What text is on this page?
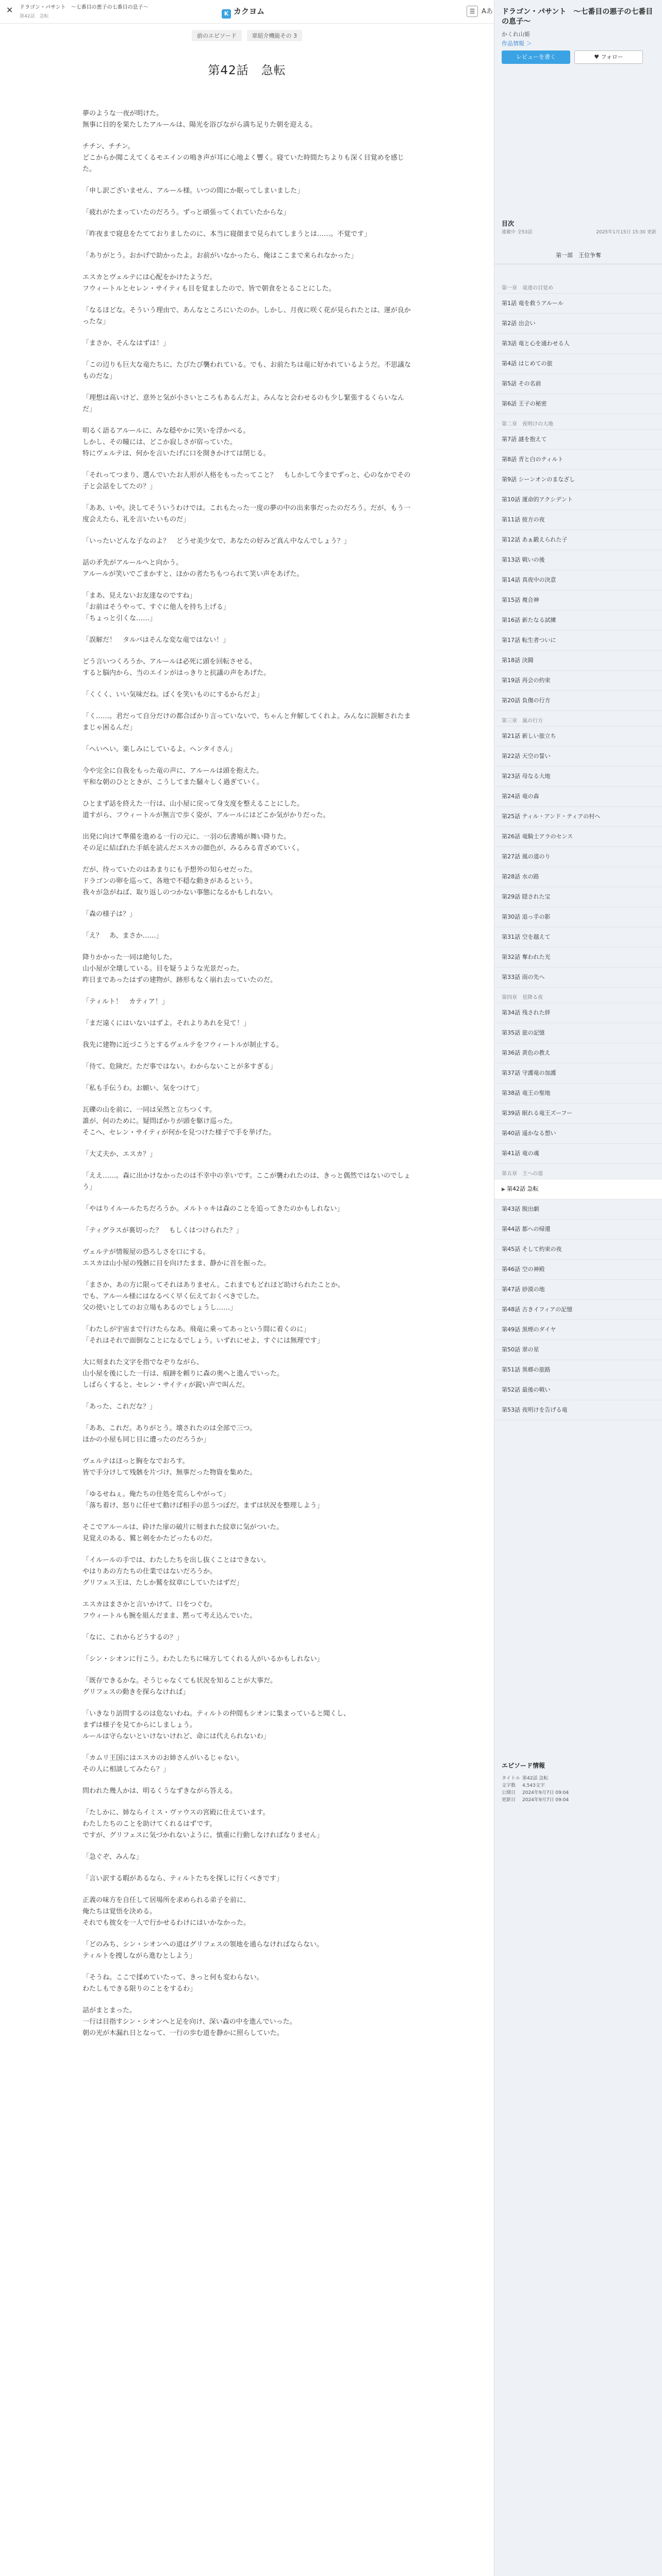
✕ ドラゴン・パサント　～七番目の悪子の七番目の息子～
第42話　急転	K カクヨム	☰ Aあ
前のエピソード	章紹介機能その 3
第42話　急転
夢のような一夜が明けた。
無事に目的を果たしたアルールは、陽光を浴びながら満ち足りた朝を迎える。
チチン、チチン。
どこからか聞こえてくるモエインの鳴き声が耳に心地よく響く。寝ていた時間たちよりも深く目覚めを感じた。
「申し訳ございません、アルール様。いつの間にか眠ってしまいました」
「疲れがたまっていたのだろう。ずっと頑張ってくれていたからな」
「昨夜まで寝息をたてておりましたのに、本当に寝顔まで見られてしまうとは……。不覚です」
「ありがとう。おかげで助かったよ。お前がいなかったら、俺はここまで来られなかった」
エスカとヴェルテには心配をかけたようだ。
フウィートルとセレン・サイティも目を覚ましたので、皆で朝食をとることにした。
「なるほどな。そういう理由で、あんなところにいたのか。しかし、月夜に咲く花が見られたとは、運が良かったな」
「まさか、そんなはずは！」
「この辺りも巨大な竜たちに、たびたび襲われている。でも、お前たちは竜に好かれているようだ。不思議なものだな」
「理想は高いけど、意外と気が小さいところもあるんだよ。みんなと会わせるのも少し緊張するくらいなんだ」
明るく語るアルールに、みな穏やかに笑いを浮かべる。
しかし、その瞳には、どこか寂しさが宿っていた。
特にヴェルテは、何かを言いたげに口を開きかけては閉じる。
「それってつまり、選んでいたお人形が人格をもったってこと？　もしかして今までずっと、心のなかでその子と会話をしてたの？」
「ああ、いや。決してそういうわけでは。これもたった一度の夢の中の出来事だったのだろう。だが、もう一度会えたら、礼を言いたいものだ」
「いったいどんな子なのよ？　どうせ美少女で、あなたの好みど真ん中なんでしょう？」
話の矛先がアルールへと向かう。
アルールが笑いでごまかすと、ほかの者たちもつられて笑い声をあげた。
「まあ、見えないお友達なのですね」
「お前はそうやって、すぐに他人を持ち上げる」
「ちょっと引くな……」
「誤解だ！　タルバはそんな変な竜ではない！」
どう言いつくろうか、アルールは必死に頭を回転させる。
すると脳内から、当のエインがはっきりと抗議の声をあげた。
「くくく、いい気味だね。ぼくを笑いものにするからだよ」
「く……。君だって自分だけの都合ばかり言っていないで、ちゃんと弁解してくれよ。みんなに誤解されたままじゃ困るんだ」
「へいへい。楽しみにしているよ。ヘンタイさん」
今や完全に自我をもった竜の声に、アルールは頭を抱えた。
平和な朝のひとときが、こうしてまた騒々しく過ぎていく。
ひとまず話を終えた一行は、山小屋に戻って身支度を整えることにした。
道すがら、フウィートルが無言で歩く姿が、アルールにはどこか気がかりだった。
出発に向けて準備を進める一行の元に、一羽の伝書鳩が舞い降りた。
その足に結ばれた手紙を読んだエスカの顔色が、みるみる青ざめていく。
だが、待っていたのはあまりにも予想外の知らせだった。
ドラゴンの卵を巡って、各地で不穏な動きがあるという。
我々が急がねば、取り返しのつかない事態になるかもしれない。
「森の様子は？」
「え？　あ、まさか……」
降りかかった一同は絶句した。
山小屋が全壊している。目を疑うような光景だった。
昨日まであったはずの建物が、跡形もなく崩れ去っていたのだ。
「ティルト！　カティア！」
「まだ遠くにはいないはずよ。それよりあれを見て！」
我先に建物に近づこうとするヴェルテをフウィートルが制止する。
「待て、危険だ。ただ事ではない。わからないことが多すぎる」
「私も手伝うわ。お願い、気をつけて」
瓦礫の山を前に、一同は呆然と立ちつくす。
誰が、何のために。疑問ばかりが頭を駆け巡った。
そこへ、セレン・サイティが何かを見つけた様子で手を挙げた。
「大丈夫か、エスカ？」
「ええ……。森に出かけなかったのは不幸中の幸いです。ここが襲われたのは、きっと偶然ではないのでしょう」
「やはりイルールたちだろうか。メルトゥキは森のことを追ってきたのかもしれない」
「ティグラスが裏切った？　もしくはつけられた？」
ヴェルテが情報屋の恐ろしさを口にする。
エスカは山小屋の残骸に目を向けたまま、静かに首を振った。
「まさか、あの方に限ってそれはありません。これまでもどれほど助けられたことか。
でも、アルール様にはなるべく早く伝えておくべきでした。
父の使いとしてのお立場もあるのでしょうし……」
「わたしが宇宙まで行けたらなあ。飛竜に乗ってあっという間に着くのに」
「それはそれで面倒なことになるでしょう。いずれにせよ、すぐには無理です」
大に刻まれた文字を指でなぞりながら、
山小屋を後にした一行は、痕跡を頼りに森の奥へと進んでいった。
しばらくすると、セレン・サイティが鋭い声で叫んだ。
「あった、これだな？」
「ああ、これだ。ありがとう。壊されたのは全部で三つ。
ほかの小屋も同じ目に遭ったのだろうか」
ヴェルテはほっと胸をなでおろす。
皆で手分けして残骸を片づけ、無事だった物資を集めた。
「ゆるせねぇ。俺たちの住処を荒らしやがって」
「落ち着け、怒りに任せて動けば相手の思うつぼだ。まずは状況を整理しよう」
そこでアルールは、砕けた扉の破片に刻まれた紋章に気がついた。
見覚えのある、鷲と剣をかたどったものだ。
「イルールの手では、わたしたちを出し抜くことはできない。
やはりあの方たちの仕業ではないだろうか。
グリフェス王は、たしか鷲を紋章にしていたはずだ」
エスカはまさかと言いかけて、口をつぐむ。
フウィートルも腕を組んだまま、黙って考え込んでいた。
「なに、これからどうするの？」
「シン・シオンに行こう。わたしたちに味方してくれる人がいるかもしれない」
「既存できるかな。そうじゃなくても状況を知ることが大事だ。
グリフェスの動きを探らなければ」
「いきなり訪問するのは危ないわね。ティルトの仲間もシオンに集まっていると聞くし、
まずは様子を見てからにしましょう。
ルールは守らないといけないけれど、命には代えられないわ」
「カムリ王国にはエスカのお姉さんがいるじゃない。
その人に相談してみたら？」
問われた幾人かは、明るくうなずきながら答える。
「たしかに、姉ならイミス・ヴァウスの宮殿に仕えています。
わたしたちのことを助けてくれるはずです。
ですが、グリフェスに気づかれないように、慎重に行動しなければなりません」
「急ぐぞ、みんな」
「言い訳する暇があるなら、ティルトたちを探しに行くべきです」
正義の味方を自任して居場所を求められる弟子を前に、
俺たちは覚悟を決める。
それでも彼女を一人で行かせるわけにはいかなかった。
「どのみち、シン・シオンへの道はグリフェスの領地を通らなければならない。
ティルトを捜しながら進むとしよう」
「そうね。ここで揉めていたって、きっと何も変わらない。
わたしもできる限りのことをするわ」
話がまとまった。
一行は目指すシン・シオンへと足を向け、深い森の中を進んでいった。
朝の光が木漏れ日となって、一行の歩む道を静かに照らしていた。
ドラゴン・パサント　～七番目の悪子の七番目の息子～
かくれ山姫
作品情報 ＞
レビューを書く	♥ フォロー
目次
連載中 全53話	2025年1月15日 15:30 更新
第一部　王位争奪
第一章　竜達の目覚め
第1話 竜を救うアルール
第2話 出会い
第3話 竜と心を通わせる人
第4話 はじめての旅
第5話 その名前
第6話 王子の秘密
第二章　夜明けの大地
第7話 謎を抱えて
第8話 青と白のティルト
第9話 シーンオンのまなざし
第10話 運命的アクシデント
第11話 彼方の夜
第12話 あぁ鍛えられた子
第13話 戦いの後
第14話 真夜中の決意
第15話 複合神
第16話 新たなる試練
第17話 転生者ついに
第18話 決闘
第19話 再会の約束
第20話 負傷の行方
第三章　嵐の行方
第21話 新しい旅立ち
第22話 天空の誓い
第23話 母なる大地
第24話 竜の森
第25話 ティル・アンド・ティアの村へ
第26話 竜騎士アラのセンス
第27話 風の道のり
第28話 水の路
第29話 隠された宝
第30話 追っ手の影
第31話 空を越えて
第32話 奪われた光
第33話 雨の先へ
第四章　星降る夜
第34話 残された絆
第35話 旅の記憶
第36話 黄色の教え
第37話 守護竜の加護
第38話 竜王の聖地
第39話 眠れる竜王ズーフー
第40話 遥かなる想い
第41話 竜の魂
第五章　王への道
▶ 第42話 急転
第43話 脱出劇
第44話 都への帰還
第45話 そして約束の夜
第46話 空の神殿
第47話 砂漠の地
第48話 古きイフィアの記憶
第49話 黒煙のダイヤ
第50話 翠の星
第51話 異郷の旅路
第52話 最後の戦い
第53話 夜明けを告げる竜
エピソード情報
タイトル 第42話 急転
文字数	4,543文字
公開日	2024年9月7日 09:04
更新日	2024年9月7日 09:04
